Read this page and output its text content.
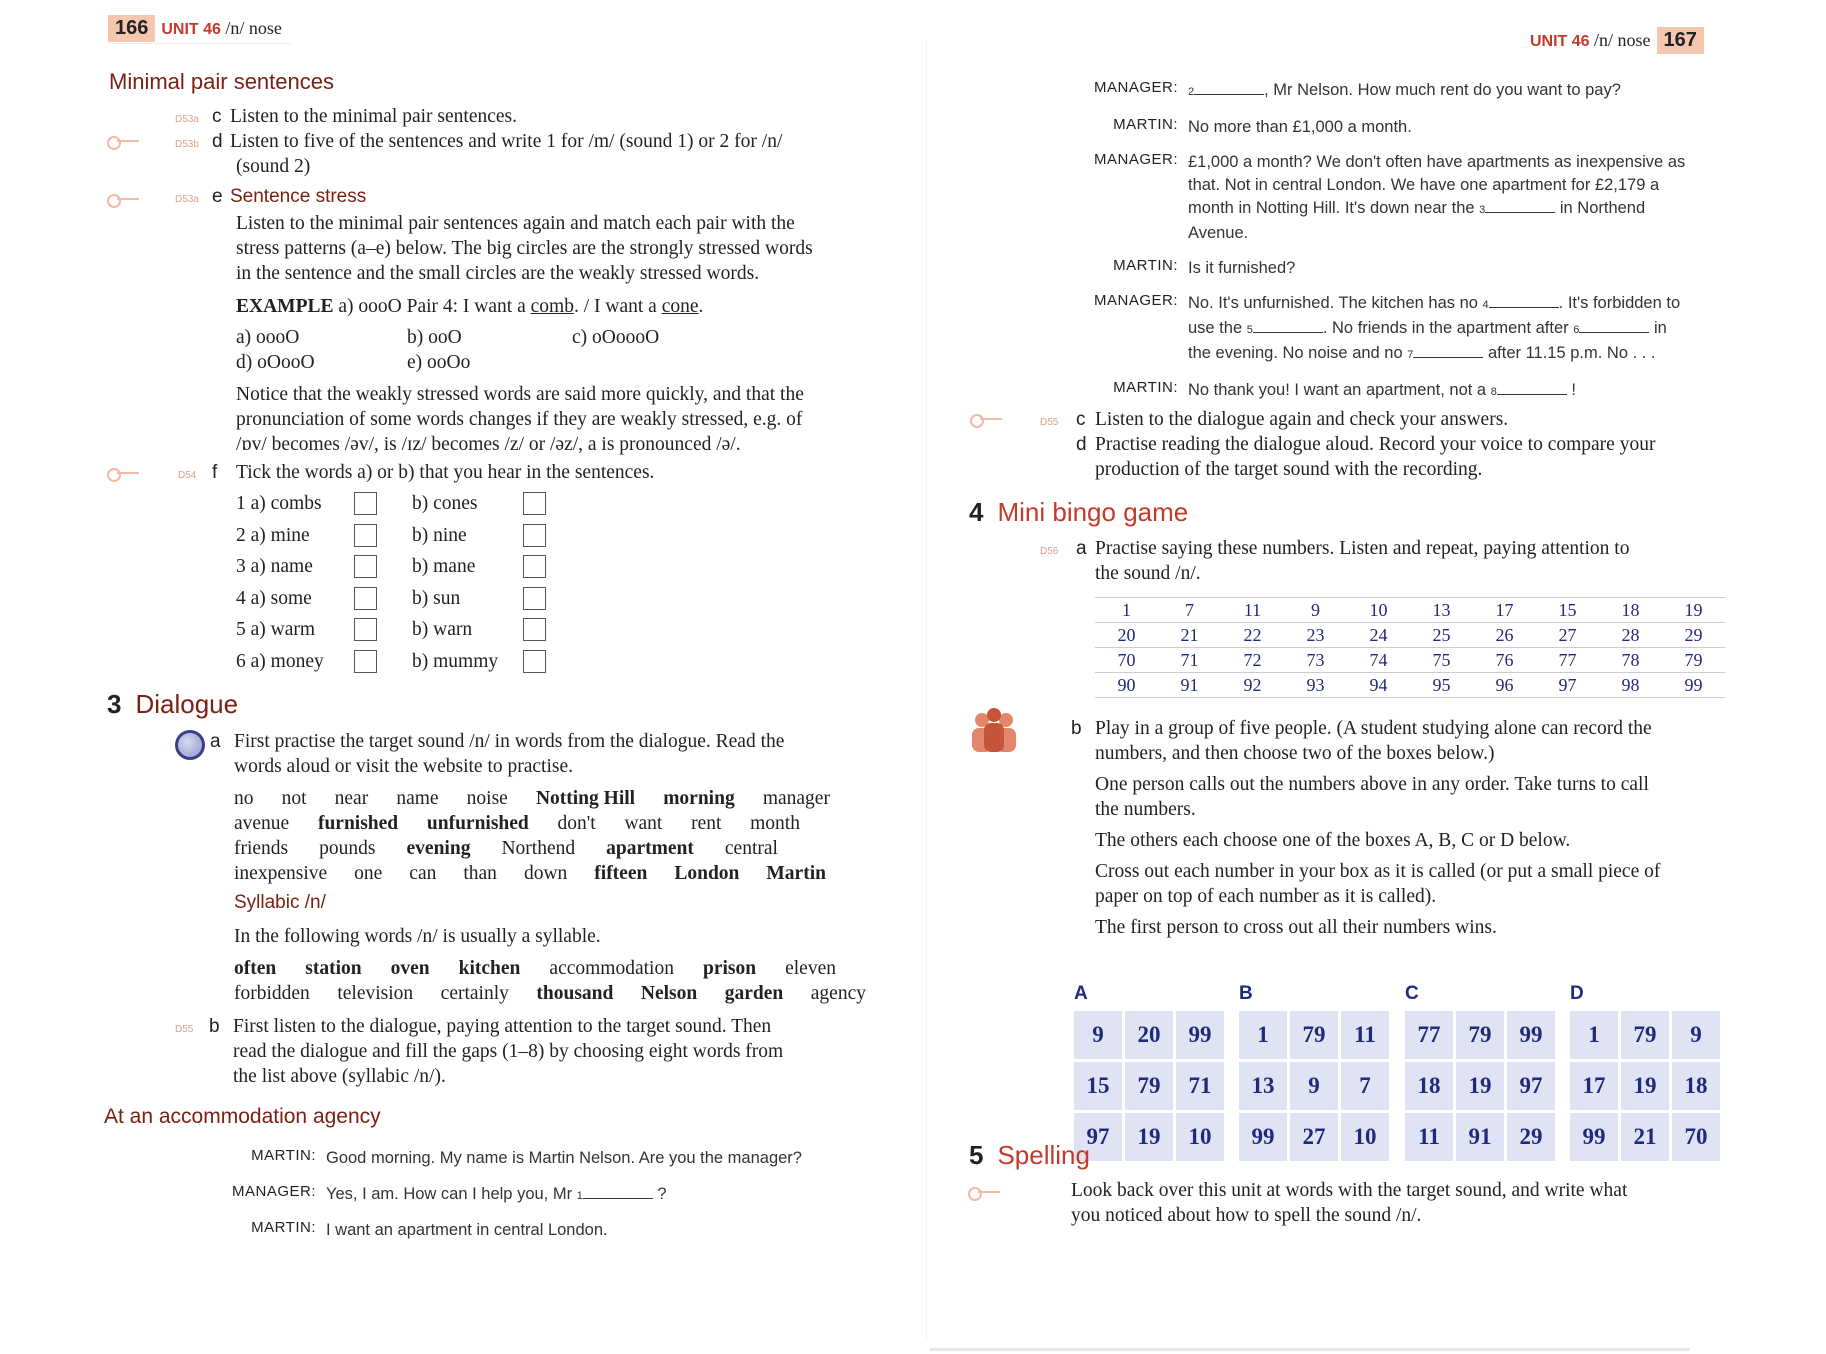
166 UNIT 46 /n/ nose
Minimal pair sentences
D53a c Listen to the minimal pair sentences.
D53b d Listen to five of the sentences and write 1 for /m/ (sound 1) or 2 for /n/
(sound 2)
D53a e Sentence stress
Listen to the minimal pair sentences again and match each pair with the
stress patterns (a–e) below. The big circles are the strongly stressed words
in the sentence and the small circles are the weakly stressed words.
EXAMPLE a) oooO Pair 4: I want a comb. / I want a cone.
a) oooO	b) ooO	c) oOoooO
d) oOooO	e) ooOo
Notice that the weakly stressed words are said more quickly, and that the
pronunciation of some words changes if they are weakly stressed, e.g. of
/ɒv/ becomes /əv/, is /ɪz/ becomes /z/ or /əz/, a is pronounced /ə/.
D54 f Tick the words a) or b) that you hear in the sentences.
1 a) combs	b) cones
2 a) mine	b) nine
3 a) name	b) mane
4 a) some	b) sun
5 a) warm	b) warn
6 a) money	b) mummy
3 Dialogue
a First practise the target sound /n/ in words from the dialogue. Read the
words aloud or visit the website to practise.
no not near name noise Notting Hill morning manager
avenue furnished unfurnished don't want rent month
friends pounds evening Northend apartment central
inexpensive one can than down fifteen London Martin
Syllabic /n/
In the following words /n/ is usually a syllable.
often station oven kitchen accommodation prison eleven
forbidden television certainly thousand Nelson garden agency
D55 b First listen to the dialogue, paying attention to the target sound. Then
read the dialogue and fill the gaps (1–8) by choosing eight words from
the list above (syllabic /n/).
At an accommodation agency
MARTIN: Good morning. My name is Martin Nelson. Are you the manager?
MANAGER: Yes, I am. How can I help you, Mr 1	?
MARTIN: I want an apartment in central London.
UNIT 46 /n/ nose 167
MANAGER: 2	, Mr Nelson. How much rent do you want to pay?
MARTIN: No more than £1,000 a month.
MANAGER: £1,000 a month? We don't often have apartments as inexpensive as
that. Not in central London. We have one apartment for £2,179 a
month in Notting Hill. It's down near the 3	in Northend
Avenue.
MARTIN: Is it furnished?
MANAGER: No. It's unfurnished. The kitchen has no 4	. It's forbidden to
use the 5	. No friends in the apartment after 6	in
the evening. No noise and no 7	after 11.15 p.m. No . . .
MARTIN: No thank you! I want an apartment, not a 8	!
D55 c Listen to the dialogue again and check your answers.
d Practise reading the dialogue aloud. Record your voice to compare your
production of the target sound with the recording.
4 Mini bingo game
D56 a Practise saying these numbers. Listen and repeat, paying attention to
the sound /n/.
1	7	11	9	10	13	17	15	18	19
20	21	22	23	24	25	26	27	28	29
70	71	72	73	74	75	76	77	78	79
90	91	92	93	94	95	96	97	98	99
b Play in a group of five people. (A student studying alone can record the
numbers, and then choose two of the boxes below.)
One person calls out the numbers above in any order. Take turns to call
the numbers.
The others each choose one of the boxes A, B, C or D below.
Cross out each number in your box as it is called (or put a small piece of
paper on top of each number as it is called).
The first person to cross out all their numbers wins.
A
9	20	99
15	79	71
97	19	10
B
1	79	11
13	9	7
99	27	10
C
77	79	99
18	19	97
11	91	29
D
1	79	9
17	19	18
99	21	70
5 Spelling
Look back over this unit at words with the target sound, and write what
you noticed about how to spell the sound /n/.
